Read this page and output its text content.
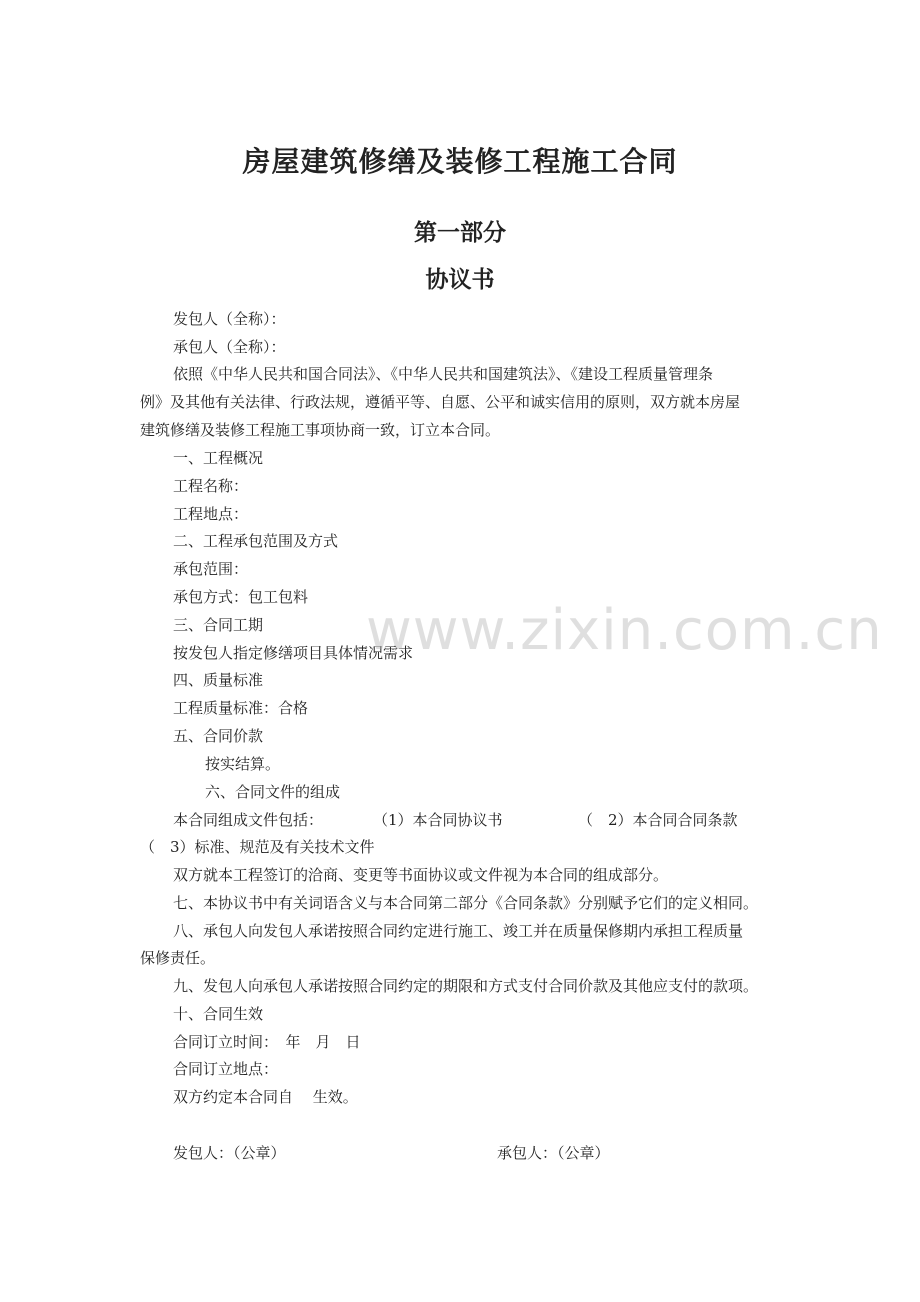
房屋建筑修缮及装修工程施工合同
第一部分
协议书
发包人（全称）：
承包人（全称）：
依照《中华人民共和国合同法》、《中华人民共和国建筑法》、《建设工程质量管理条
例》及其他有关法律、行政法规，遵循平等、自愿、公平和诚实信用的原则，双方就本房屋
建筑修缮及装修工程施工事项协商一致，订立本合同。
一、工程概况
工程名称：
工程地点：
二、工程承包范围及方式
承包范围：
承包方式：包工包料
三、合同工期
按发包人指定修缮项目具体情况需求
四、质量标准
工程质量标准：合格
五、合同价款
按实结算。
六、合同文件的组成
本合同组成文件包括：	（1）本合同协议书	（　2）本合同合同条款
（　3）标准、规范及有关技术文件
双方就本工程签订的洽商、变更等书面协议或文件视为本合同的组成部分。
七、本协议书中有关词语含义与本合同第二部分《合同条款》分别赋予它们的定义相同。
八、承包人向发包人承诺按照合同约定进行施工、竣工并在质量保修期内承担工程质量
保修责任。
九、发包人向承包人承诺按照合同约定的期限和方式支付合同价款及其他应支付的款项。
十、合同生效
合同订立时间：　年　月　日
合同订立地点：
双方约定本合同自　 生效。
发包人：（公章）	承包人：（公章）
www.zixin.com.cn
